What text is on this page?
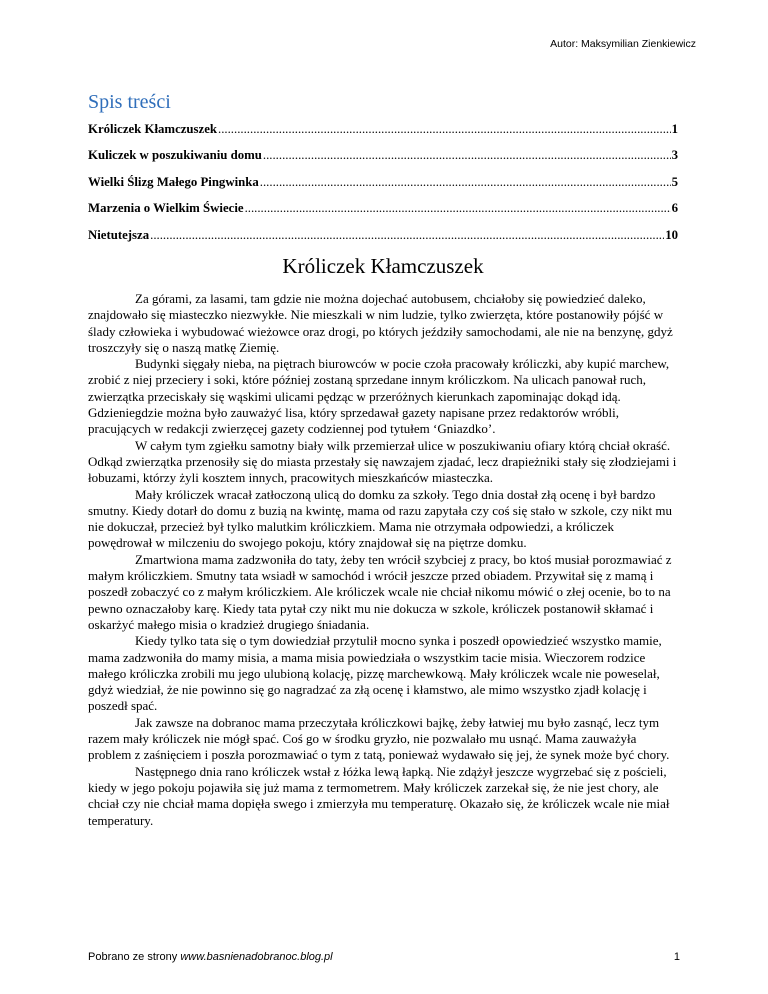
Autor: Maksymilian Zienkiewicz
Spis treści
Króliczek Kłamczuszek .....	1
Kuliczek w poszukiwaniu domu .....	3
Wielki Ślizg Małego Pingwinka .....	5
Marzenia o Wielkim Świecie .....	6
Nietutejsza .....	10
Króliczek Kłamczuszek

Za górami, za lasami, tam gdzie nie można dojechać autobusem, chciałoby się powiedzieć daleko, znajdowało się miasteczko niezwykłe. Nie mieszkali w nim ludzie, tylko zwierzęta, które postanowiły pójść w ślady człowieka i wybudować wieżowce oraz drogi, po których jeździły samochodami, ale nie na benzynę, gdyż troszczyły się o naszą matkę Ziemię.

Budynki sięgały nieba, na piętrach biurowców w pocie czoła pracowały króliczki, aby kupić marchew, zrobić z niej przeciery i soki, które później zostaną sprzedane innym króliczkom. Na ulicach panował ruch, zwierzątka przeciskały się wąskimi ulicami pędząc w przeróżnych kierunkach zapominając dokąd idą. Gdzieniegdzie można było zauważyć lisa, który sprzedawał gazety napisane przez redaktorów wróbli, pracujących w redakcji zwierzęcej gazety codziennej pod tytułem ‘Gniazdko’.

W całym tym zgiełku samotny biały wilk przemierzał ulice w poszukiwaniu ofiary którą chciał okraść. Odkąd zwierzątka przenosiły się do miasta przestały się nawzajem zjadać, lecz drapieżniki stały się złodziejami i łobuzami, którzy żyli kosztem innych, pracowitych mieszkańców miasteczka.

Mały króliczek wracał zatłoczoną ulicą do domku za szkoły. Tego dnia dostał złą ocenę i był bardzo smutny. Kiedy dotarł do domu z buzią na kwintę, mama od razu zapytała czy coś się stało w szkole, czy nikt mu nie dokuczał, przecież był tylko malutkim króliczkiem. Mama nie otrzymała odpowiedzi, a króliczek powędrował w milczeniu do swojego pokoju, który znajdował się na piętrze domku.

Zmartwiona mama zadzwoniła do taty, żeby ten wrócił szybciej z pracy, bo ktoś musiał porozmawiać z małym króliczkiem. Smutny tata wsiadł w samochód i wrócił jeszcze przed obiadem. Przywitał się z mamą i poszedł zobaczyć co z małym króliczkiem. Ale króliczek wcale nie chciał nikomu mówić o złej ocenie, bo to na pewno oznaczałoby karę. Kiedy tata pytał czy nikt mu nie dokucza w szkole, króliczek postanowił skłamać i oskarżyć małego misia o kradzież drugiego śniadania.

Kiedy tylko tata się o tym dowiedział przytulił mocno synka i poszedł opowiedzieć wszystko mamie, mama zadzwoniła do mamy misia, a mama misia powiedziała o wszystkim tacie misia. Wieczorem rodzice małego króliczka zrobili mu jego ulubioną kolację, pizzę marchewkową. Mały króliczek wcale nie poweselał, gdyż wiedział, że nie powinno się go nagradzać za złą ocenę i kłamstwo, ale mimo wszystko zjadł kolację i poszedł spać.

Jak zawsze na dobranoc mama przeczytała króliczkowi bajkę, żeby łatwiej mu było zasnąć, lecz tym razem mały króliczek nie mógł spać. Coś go w środku gryzło, nie pozwalało mu usnąć. Mama zauważyła problem z zaśnięciem i poszła porozmawiać o tym z tatą, ponieważ wydawało się jej, że synek może być chory.

Następnego dnia rano króliczek wstał z łóżka lewą łapką. Nie zdążył jeszcze wygrzebać się z pościeli, kiedy w jego pokoju pojawiła się już mama z termometrem. Mały króliczek zarzekał się, że nie jest chory, ale chciał czy nie chciał mama dopięła swego i zmierzyła mu temperaturę. Okazało się, że króliczek wcale nie miał temperatury.

Pobrano ze strony www.basnienadobranoc.blog.pl	1
